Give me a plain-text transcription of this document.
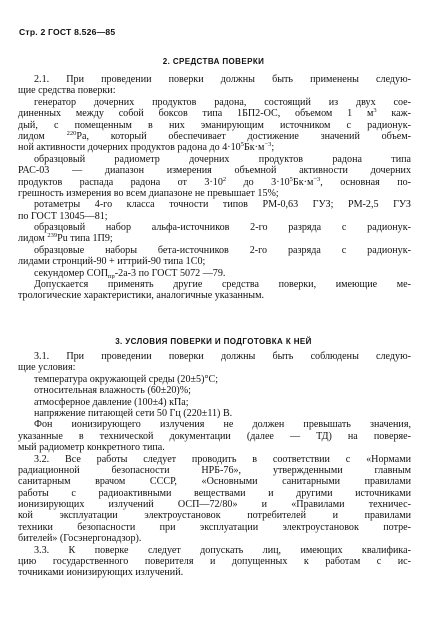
Стр. 2 ГОСТ 8.526—85
2. СРЕДСТВА ПОВЕРКИ
2.1. При проведении поверки должны быть применены следую-
щие средства поверки:
генератор дочерних продуктов радона, состоящий из двух сое-
диненных между собой боксов типа 1БП2-ОС, объемом 1 $м^3$ каж-
дый, с помещенным в них эманирующим источником с радионук-
лидом $^{220}$Ра, который обеспечивает достижение значений объем-
ной активности дочерних продуктов радона до $4\cdot 10^5Бк\cdot м^{-3}$;
образцовый радиометр дочерних продуктов радона типа
РАС-03 — диапазон измерения объемной активности дочерних
продуктов распада радона от $3\cdot 10^2$ до $3\cdot 10^5Бк\cdot м^{-3}$, основная по-
грешность измерения во всем диапазоне не превышает 15%;
ротаметры 4-го класса точности типов РМ-0,63 ГУЗ; РМ-2,5 ГУЗ
по ГОСТ 13045—81;
образцовый набор альфа-источников 2-го разряда с радионук-
лидом $^{239}$Pu типа 1П9;
образцовые наборы бета-источников 2-го разряда с радионук-
лидами стронций-90 + иттрий-90 типа 1С0;
секундомер $СОП_{пр}-2а-3$ по ГОСТ 5072 —79.
Допускается применять другие средства поверки, имеющие ме-
трологические характеристики, аналогичные указанным.
3. УСЛОВИЯ ПОВЕРКИ И ПОДГОТОВКА К НЕЙ
3.1. При проведении поверки должны быть соблюдены следую-
щие условия:
температура окружающей среды (20±5)°С;
относительная влажность (60±20)%;
атмосферное давление (100±4) кПа;
напряжение питающей сети 50 Гц (220±11) В.
Фон ионизирующего излучения не должен превышать значения,
указанные в технической документации (далее — ТД) на поверяе-
мый радиометр конкретного типа.
3.2. Все работы следует проводить в соответствии с «Нормами
радиационной безопасности НРБ-76», утвержденными главным
санитарным врачом СССР, «Основными санитарными правилами
работы с радиоактивными веществами и другими источниками
ионизирующих излучений ОСП—72/80» и «Правилами техничес-
кой эксплуатации электроустановок потребителей и правилами
техники безопасности при эксплуатации электроустановок потре-
бителей» (Госэнергонадзор).
3.3. К поверке следует допускать лиц, имеющих квалифика-
цию государственного поверителя и допущенных к работам с ис-
точниками ионизирующих излучений.
